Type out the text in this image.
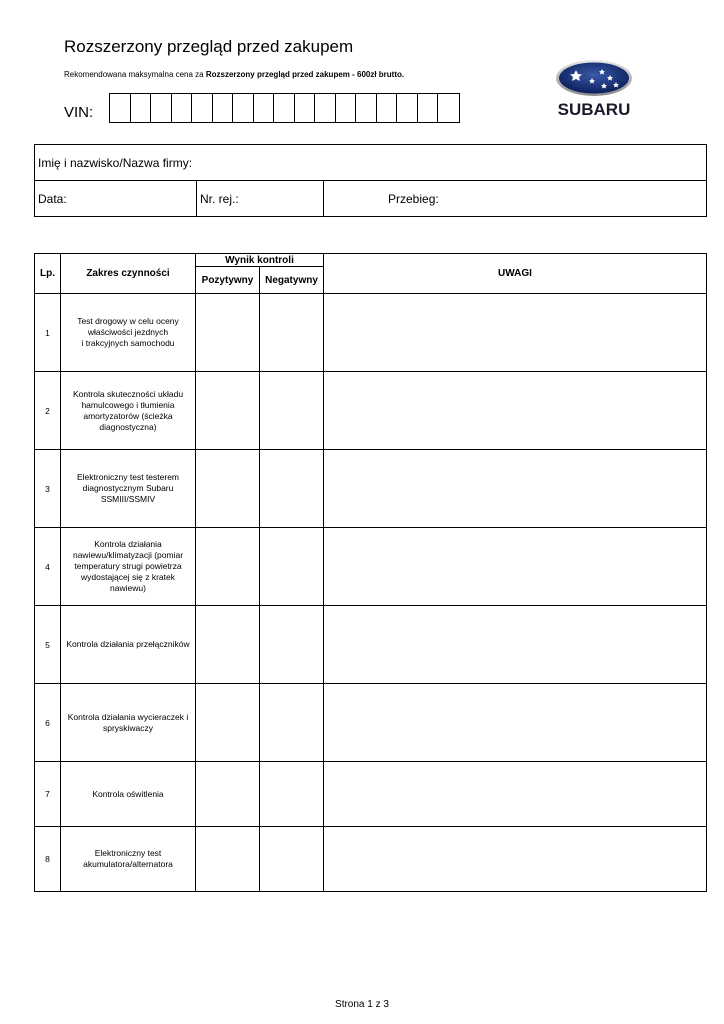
Rozszerzony przegląd przed zakupem
Rekomendowana maksymalna cena za Rozszerzony przegląd przed zakupem - 600zł brutto.
VIN:	SUBARU
Imię i nazwisko/Nazwa firmy:
Data:	Nr. rej.:	Przebieg:
Lp.	Zakres czynności	Wynik kontroli		UWAGI
		Pozytywny	Negatywny	
1	Test drogowy w celu oceny
właściwości jezdnych
i trakcyjnych samochodu			

2	Kontrola skuteczności układu
hamulcowego i tłumienia
amortyzatorów (ścieżka
diagnostyczna)			

3	Elektroniczny test testerem
diagnostycznym Subaru
SSMIII/SSMIV			

4	Kontrola działania
nawiewu/klimatyzacji (pomiar
temperatury strugi powietrza
wydostającej się z kratek
nawiewu)			

5	Kontrola działania przełączników			

6	Kontrola działania wycieraczek i
spryskiwaczy			

7	Kontrola oświtlenia			

8	Elektroniczny test
akumulatora/alternatora			

Strona 1 z 3
